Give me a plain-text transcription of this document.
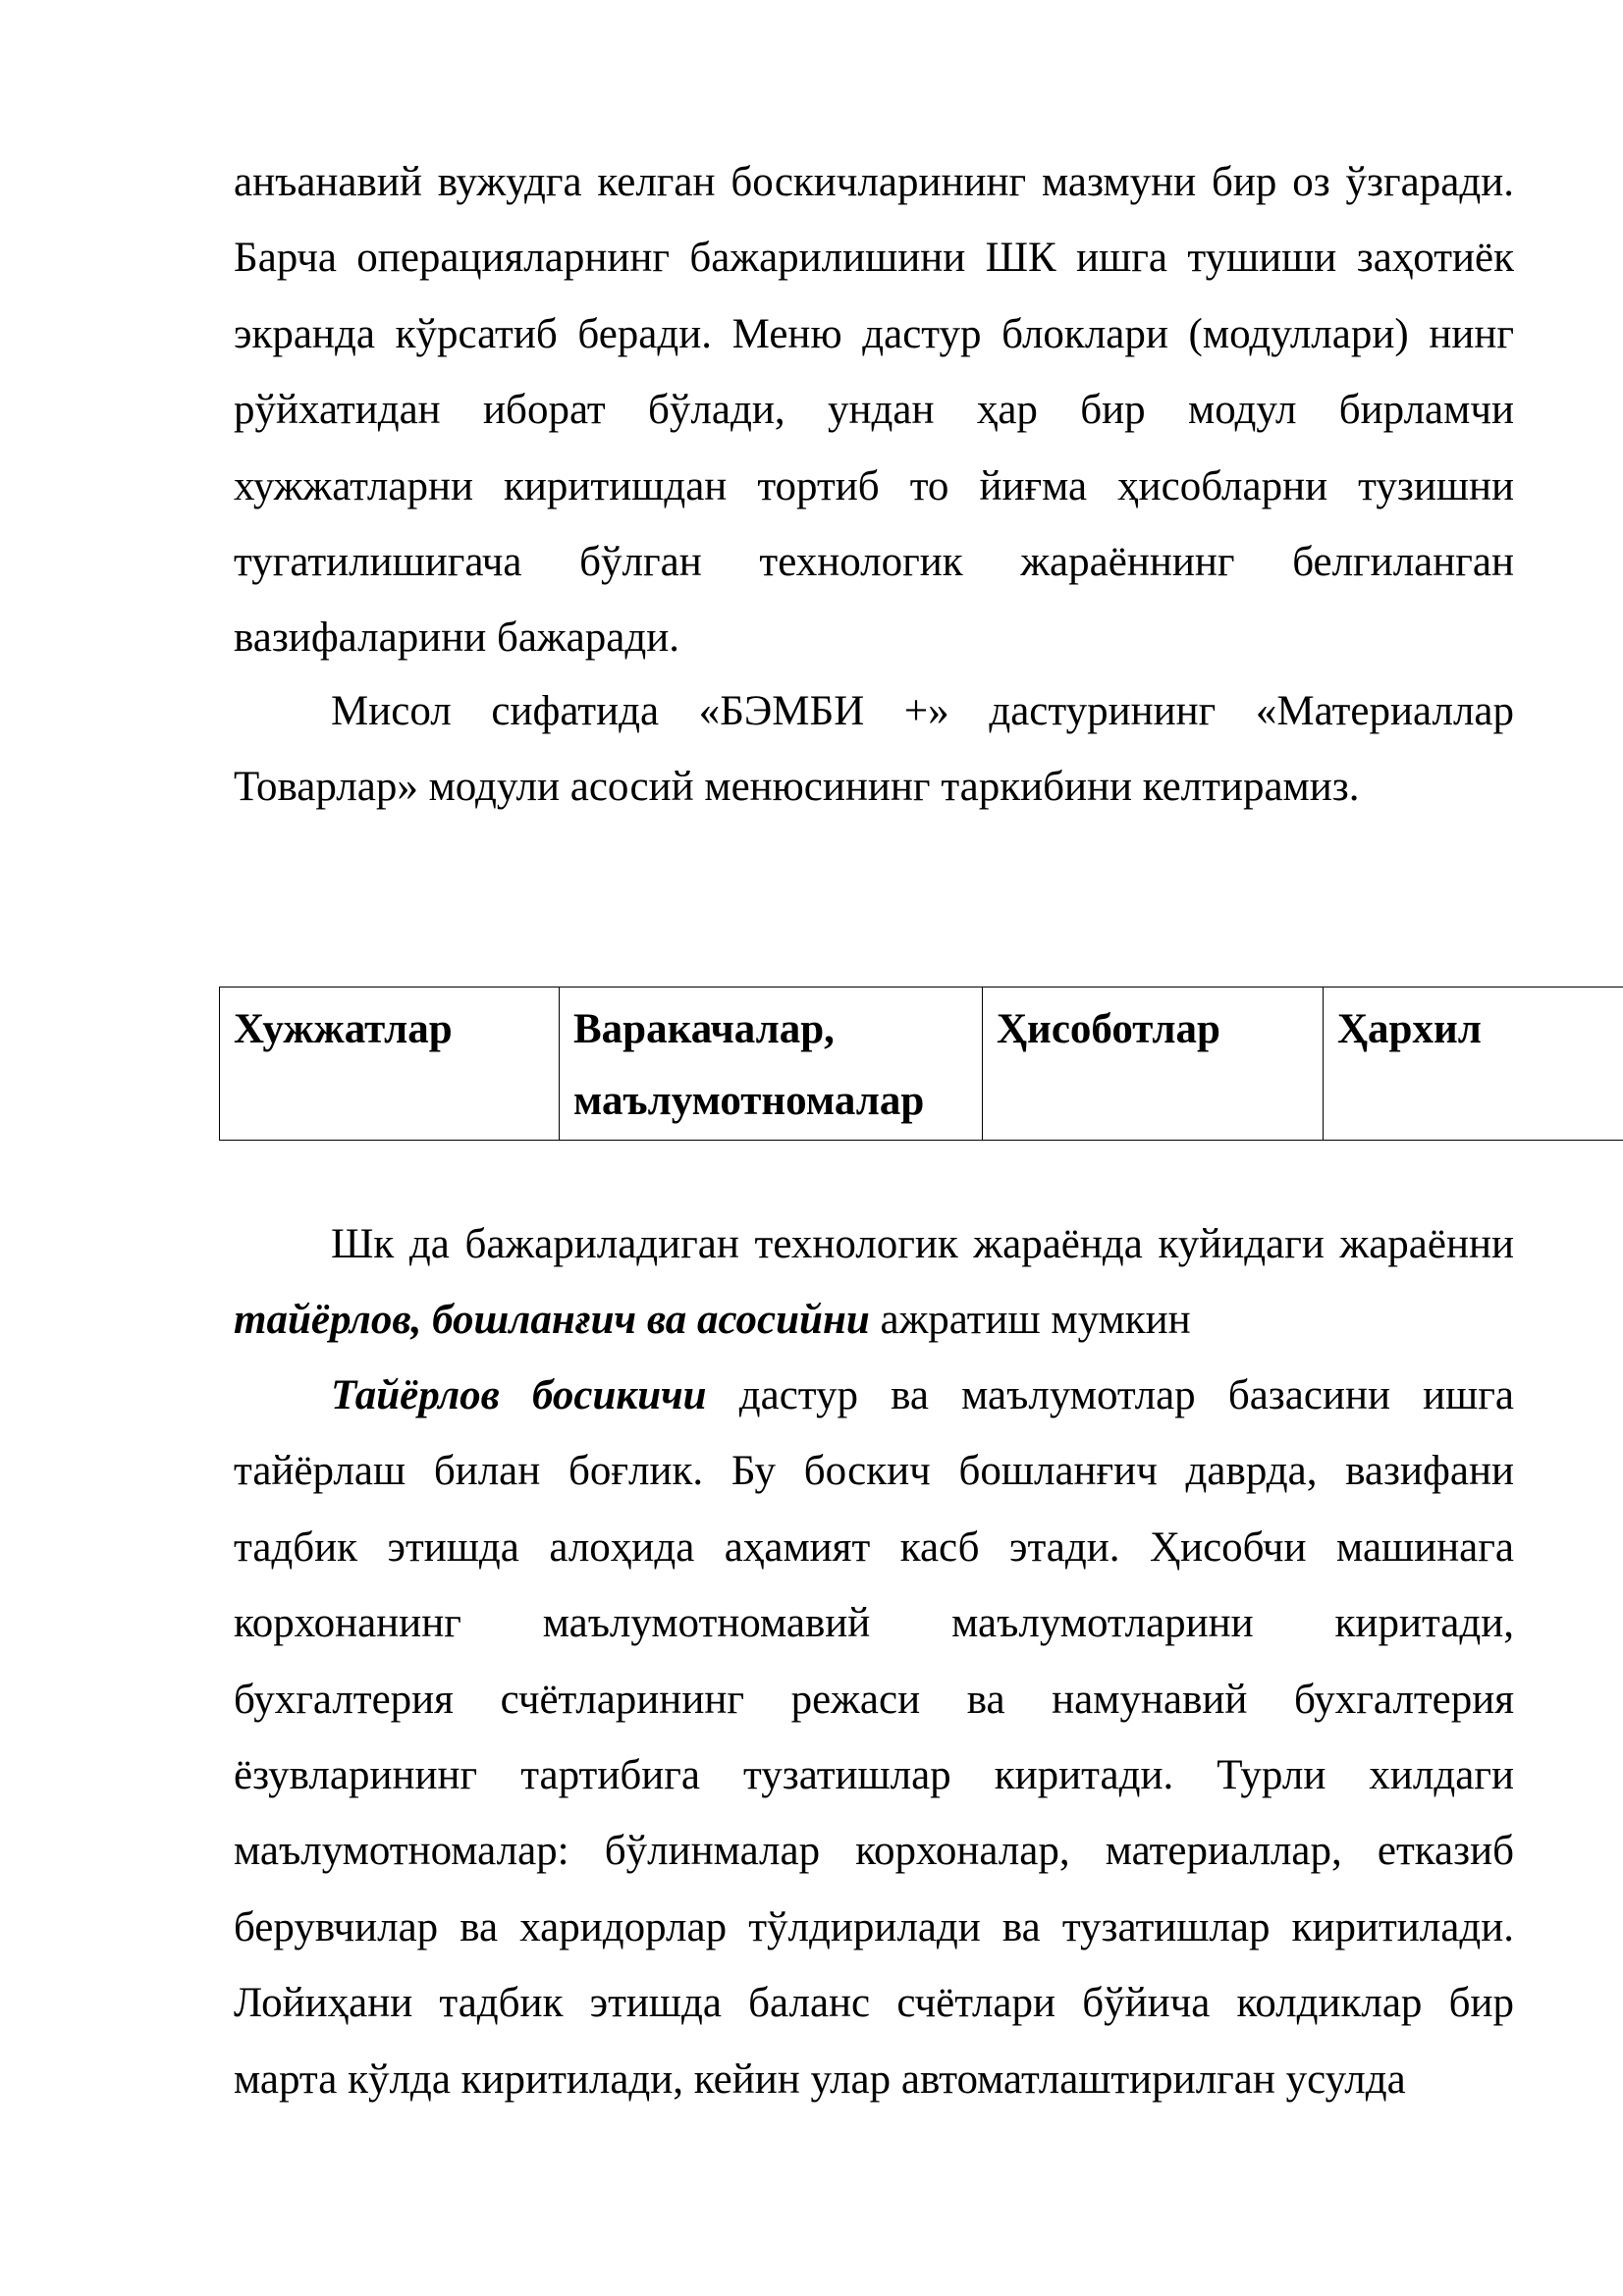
анъанавий вужудга келган боскичларининг мазмуни бир оз ўзгаради. Барча операцияларнинг бажарилишини ШК ишга тушиши заҳотиёк экранда кўрсатиб беради. Меню дастур блоклари (модуллари) нинг рўйхатидан иборат бўлади, ундан ҳар бир модул бирламчи хужжатларни киритишдан тортиб то йиғма ҳисобларни тузишни тугатилишигача бўлган технологик жараённинг белгиланган вазифаларини бажаради.

Мисол сифатида «БЭМБИ +» дастурининг «Материаллар Товарлар» модули асосий менюсининг таркибини келтирамиз.

Хужжатлар	Варакачалар, маълумотномалар	Ҳисоботлар	Ҳархил

Шк да бажариладиган технологик жараёнда куйидаги жараённи тайёрлов, бошланғич ва асосийни ажратиш мумкин

Тайёрлов босикичи дастур ва маълумотлар базасини ишга тайёрлаш билан боғлик. Бу боскич бошланғич даврда, вазифани тадбик этишда алоҳида аҳамият касб этади. Ҳисобчи машинага корхонанинг маълумотномавий маълумотларини киритади, бухгалтерия счётларининг режаси ва намунавий бухгалтерия ёзувларининг тартибига тузатишлар киритади. Турли хилдаги маълумотномалар: бўлинмалар корхоналар, материаллар, етказиб берувчилар ва харидорлар тўлдирилади ва тузатишлар киритилади. Лойиҳани тадбик этишда баланс счётлари бўйича колдиклар бир марта кўлда киритилади, кейин улар автоматлаштирилган усулда
